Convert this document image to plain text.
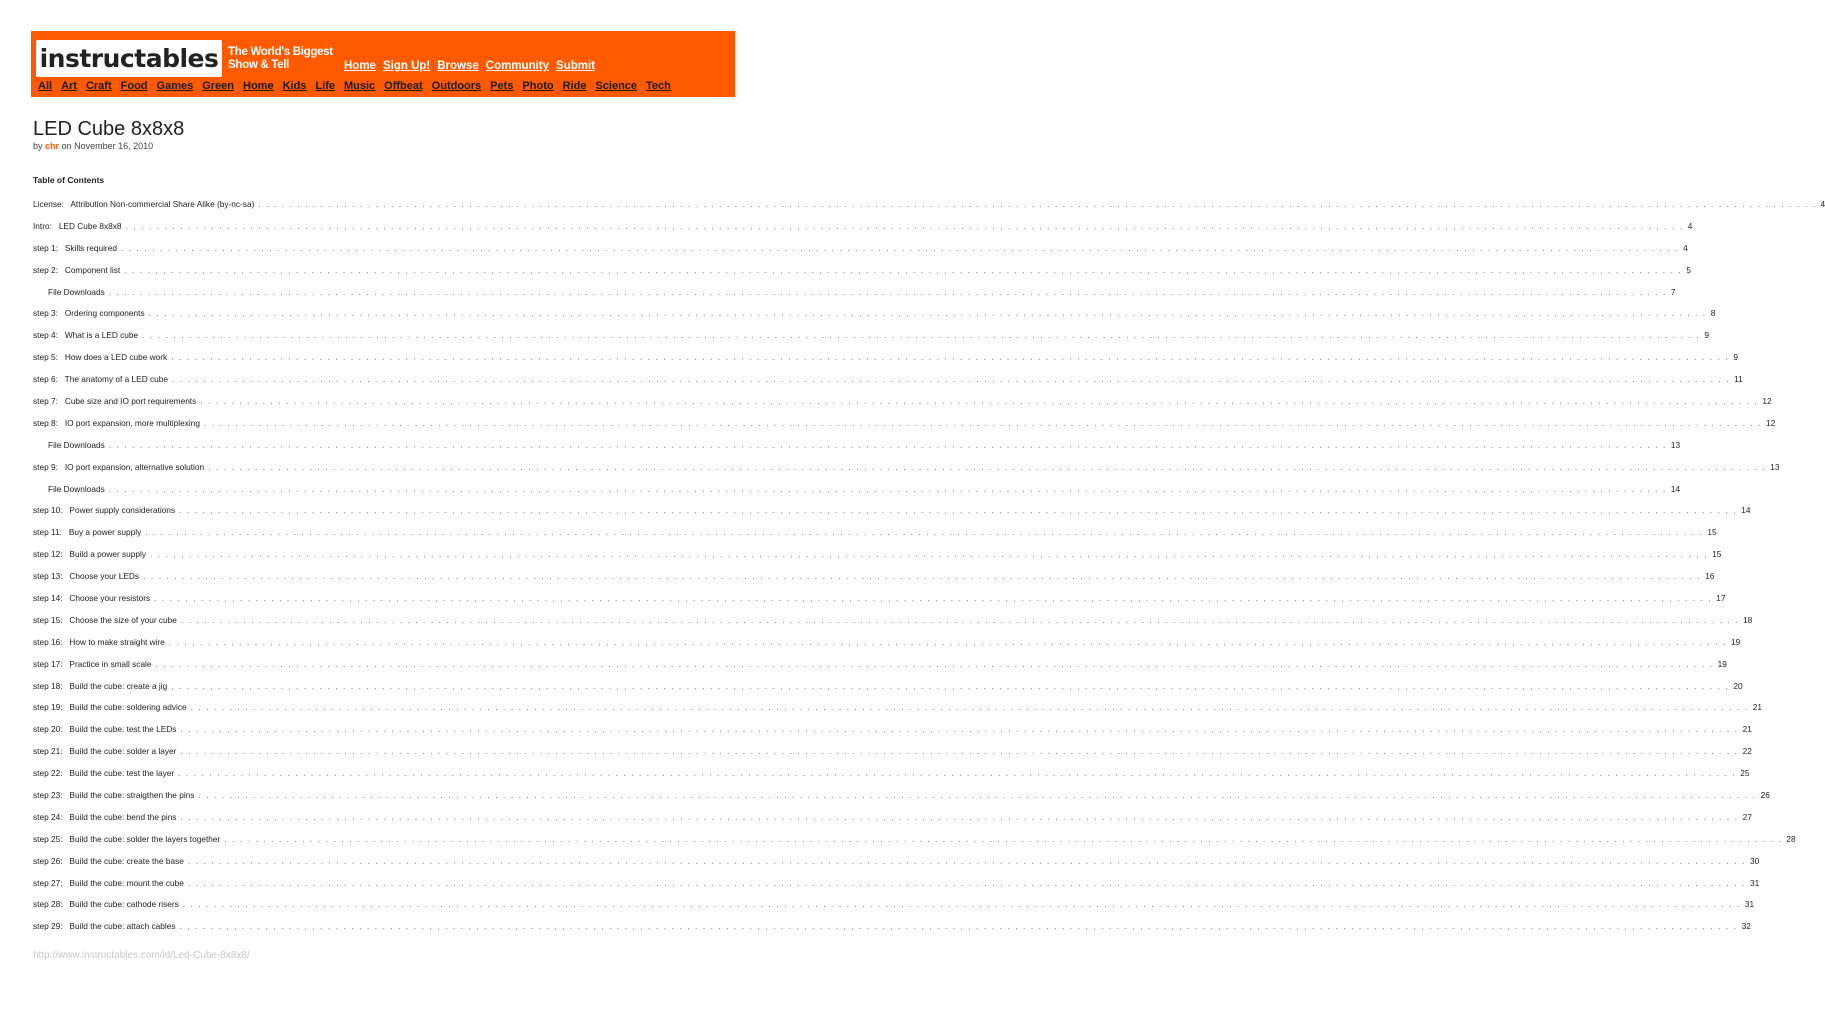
instructables The World's Biggest
Show & Tell	Home Sign Up! Browse Community Submit
All Art Craft Food Games Green Home Kids Life Music Offbeat Outdoors Pets Photo Ride Science Tech
LED Cube 8x8x8
by chr on November 16, 2010
Table of Contents
License:   Attribution Non-commercial Share Alike (by-nc-sa) . . . . . . . . . . . . . . . . . . . . . . . . . . . . . . . . . . . . . . . . . . . . . . . . . . . . . . . . . . . . . . . . . . . . . . . . . . . . . . . . . . . . . . . . . . . . . . . . . . . . . . . . . . . . . . . . . . . . . . . . . . . . . . . . . . . . . . . . . . . . . . . . . . . . . . . . . . . . . . . . . . . . . . . . . . . . . . . . . . . . . . . . . . . . . . . . . . . . . . . . 4
Intro:   LED Cube 8x8x8 . . . . . . . . . . . . . . . . . . . . . . . . . . . . . . . . . . . . . . . . . . . . . . . . . . . . . . . . . . . . . . . . . . . . . . . . . . . . . . . . . . . . . . . . . . . . . . . . . . . . . . . . . . . . . . . . . . . . . . . . . . . . . . . . . . . . . . . . . . . . . . . . . . . . . . . . . . . . . . . . . . . . . . . . . . . . . . . . . . . . . . . . . . . . . . . . . . . . . . . . 4
step 1:   Skills required . . . . . . . . . . . . . . . . . . . . . . . . . . . . . . . . . . . . . . . . . . . . . . . . . . . . . . . . . . . . . . . . . . . . . . . . . . . . . . . . . . . . . . . . . . . . . . . . . . . . . . . . . . . . . . . . . . . . . . . . . . . . . . . . . . . . . . . . . . . . . . . . . . . . . . . . . . . . . . . . . . . . . . . . . . . . . . . . . . . . . . . . . . . . . . . . . . . . . . . . 4
step 2:   Component list . . . . . . . . . . . . . . . . . . . . . . . . . . . . . . . . . . . . . . . . . . . . . . . . . . . . . . . . . . . . . . . . . . . . . . . . . . . . . . . . . . . . . . . . . . . . . . . . . . . . . . . . . . . . . . . . . . . . . . . . . . . . . . . . . . . . . . . . . . . . . . . . . . . . . . . . . . . . . . . . . . . . . . . . . . . . . . . . . . . . . . . . . . . . . . . . . . . . . . . . 5
File Downloads . . . . . . . . . . . . . . . . . . . . . . . . . . . . . . . . . . . . . . . . . . . . . . . . . . . . . . . . . . . . . . . . . . . . . . . . . . . . . . . . . . . . . . . . . . . . . . . . . . . . . . . . . . . . . . . . . . . . . . . . . . . . . . . . . . . . . . . . . . . . . . . . . . . . . . . . . . . . . . . . . . . . . . . . . . . . . . . . . . . . . . . . . . . . . . . . . . . . . . . . 7
step 3:   Ordering components . . . . . . . . . . . . . . . . . . . . . . . . . . . . . . . . . . . . . . . . . . . . . . . . . . . . . . . . . . . . . . . . . . . . . . . . . . . . . . . . . . . . . . . . . . . . . . . . . . . . . . . . . . . . . . . . . . . . . . . . . . . . . . . . . . . . . . . . . . . . . . . . . . . . . . . . . . . . . . . . . . . . . . . . . . . . . . . . . . . . . . . . . . . . . . . . . . . . . . . . 8
step 4:   What is a LED cube . . . . . . . . . . . . . . . . . . . . . . . . . . . . . . . . . . . . . . . . . . . . . . . . . . . . . . . . . . . . . . . . . . . . . . . . . . . . . . . . . . . . . . . . . . . . . . . . . . . . . . . . . . . . . . . . . . . . . . . . . . . . . . . . . . . . . . . . . . . . . . . . . . . . . . . . . . . . . . . . . . . . . . . . . . . . . . . . . . . . . . . . . . . . . . . . . . . . . . . . 9
step 5:   How does a LED cube work . . . . . . . . . . . . . . . . . . . . . . . . . . . . . . . . . . . . . . . . . . . . . . . . . . . . . . . . . . . . . . . . . . . . . . . . . . . . . . . . . . . . . . . . . . . . . . . . . . . . . . . . . . . . . . . . . . . . . . . . . . . . . . . . . . . . . . . . . . . . . . . . . . . . . . . . . . . . . . . . . . . . . . . . . . . . . . . . . . . . . . . . . . . . . . . . . . . . . . . . 9
step 6:   The anatomy of a LED cube . . . . . . . . . . . . . . . . . . . . . . . . . . . . . . . . . . . . . . . . . . . . . . . . . . . . . . . . . . . . . . . . . . . . . . . . . . . . . . . . . . . . . . . . . . . . . . . . . . . . . . . . . . . . . . . . . . . . . . . . . . . . . . . . . . . . . . . . . . . . . . . . . . . . . . . . . . . . . . . . . . . . . . . . . . . . . . . . . . . . . . . . . . . . . . . . . . . . . . . . 11
step 7:   Cube size and IO port requirements . . . . . . . . . . . . . . . . . . . . . . . . . . . . . . . . . . . . . . . . . . . . . . . . . . . . . . . . . . . . . . . . . . . . . . . . . . . . . . . . . . . . . . . . . . . . . . . . . . . . . . . . . . . . . . . . . . . . . . . . . . . . . . . . . . . . . . . . . . . . . . . . . . . . . . . . . . . . . . . . . . . . . . . . . . . . . . . . . . . . . . . . . . . . . . . . . . . . . . . . 12
step 8:   IO port expansion, more multiplexing . . . . . . . . . . . . . . . . . . . . . . . . . . . . . . . . . . . . . . . . . . . . . . . . . . . . . . . . . . . . . . . . . . . . . . . . . . . . . . . . . . . . . . . . . . . . . . . . . . . . . . . . . . . . . . . . . . . . . . . . . . . . . . . . . . . . . . . . . . . . . . . . . . . . . . . . . . . . . . . . . . . . . . . . . . . . . . . . . . . . . . . . . . . . . . . . . . . . . . . . 12
File Downloads . . . . . . . . . . . . . . . . . . . . . . . . . . . . . . . . . . . . . . . . . . . . . . . . . . . . . . . . . . . . . . . . . . . . . . . . . . . . . . . . . . . . . . . . . . . . . . . . . . . . . . . . . . . . . . . . . . . . . . . . . . . . . . . . . . . . . . . . . . . . . . . . . . . . . . . . . . . . . . . . . . . . . . . . . . . . . . . . . . . . . . . . . . . . . . . . . . . . . . . . 13
step 9:   IO port expansion, alternative solution . . . . . . . . . . . . . . . . . . . . . . . . . . . . . . . . . . . . . . . . . . . . . . . . . . . . . . . . . . . . . . . . . . . . . . . . . . . . . . . . . . . . . . . . . . . . . . . . . . . . . . . . . . . . . . . . . . . . . . . . . . . . . . . . . . . . . . . . . . . . . . . . . . . . . . . . . . . . . . . . . . . . . . . . . . . . . . . . . . . . . . . . . . . . . . . . . . . . . . . . 13
File Downloads . . . . . . . . . . . . . . . . . . . . . . . . . . . . . . . . . . . . . . . . . . . . . . . . . . . . . . . . . . . . . . . . . . . . . . . . . . . . . . . . . . . . . . . . . . . . . . . . . . . . . . . . . . . . . . . . . . . . . . . . . . . . . . . . . . . . . . . . . . . . . . . . . . . . . . . . . . . . . . . . . . . . . . . . . . . . . . . . . . . . . . . . . . . . . . . . . . . . . . . . 14
step 10:   Power supply considerations . . . . . . . . . . . . . . . . . . . . . . . . . . . . . . . . . . . . . . . . . . . . . . . . . . . . . . . . . . . . . . . . . . . . . . . . . . . . . . . . . . . . . . . . . . . . . . . . . . . . . . . . . . . . . . . . . . . . . . . . . . . . . . . . . . . . . . . . . . . . . . . . . . . . . . . . . . . . . . . . . . . . . . . . . . . . . . . . . . . . . . . . . . . . . . . . . . . . . . . . 14
step 11:   Buy a power supply . . . . . . . . . . . . . . . . . . . . . . . . . . . . . . . . . . . . . . . . . . . . . . . . . . . . . . . . . . . . . . . . . . . . . . . . . . . . . . . . . . . . . . . . . . . . . . . . . . . . . . . . . . . . . . . . . . . . . . . . . . . . . . . . . . . . . . . . . . . . . . . . . . . . . . . . . . . . . . . . . . . . . . . . . . . . . . . . . . . . . . . . . . . . . . . . . . . . . . . . 15
step 12:   Build a power supply . . . . . . . . . . . . . . . . . . . . . . . . . . . . . . . . . . . . . . . . . . . . . . . . . . . . . . . . . . . . . . . . . . . . . . . . . . . . . . . . . . . . . . . . . . . . . . . . . . . . . . . . . . . . . . . . . . . . . . . . . . . . . . . . . . . . . . . . . . . . . . . . . . . . . . . . . . . . . . . . . . . . . . . . . . . . . . . . . . . . . . . . . . . . . . . . . . . . . . . . 15
step 13:   Choose your LEDs . . . . . . . . . . . . . . . . . . . . . . . . . . . . . . . . . . . . . . . . . . . . . . . . . . . . . . . . . . . . . . . . . . . . . . . . . . . . . . . . . . . . . . . . . . . . . . . . . . . . . . . . . . . . . . . . . . . . . . . . . . . . . . . . . . . . . . . . . . . . . . . . . . . . . . . . . . . . . . . . . . . . . . . . . . . . . . . . . . . . . . . . . . . . . . . . . . . . . . . . 16
step 14:   Choose your resistors . . . . . . . . . . . . . . . . . . . . . . . . . . . . . . . . . . . . . . . . . . . . . . . . . . . . . . . . . . . . . . . . . . . . . . . . . . . . . . . . . . . . . . . . . . . . . . . . . . . . . . . . . . . . . . . . . . . . . . . . . . . . . . . . . . . . . . . . . . . . . . . . . . . . . . . . . . . . . . . . . . . . . . . . . . . . . . . . . . . . . . . . . . . . . . . . . . . . . . . . 17
step 15:   Choose the size of your cube . . . . . . . . . . . . . . . . . . . . . . . . . . . . . . . . . . . . . . . . . . . . . . . . . . . . . . . . . . . . . . . . . . . . . . . . . . . . . . . . . . . . . . . . . . . . . . . . . . . . . . . . . . . . . . . . . . . . . . . . . . . . . . . . . . . . . . . . . . . . . . . . . . . . . . . . . . . . . . . . . . . . . . . . . . . . . . . . . . . . . . . . . . . . . . . . . . . . . . . . 18
step 16:   How to make straight wire . . . . . . . . . . . . . . . . . . . . . . . . . . . . . . . . . . . . . . . . . . . . . . . . . . . . . . . . . . . . . . . . . . . . . . . . . . . . . . . . . . . . . . . . . . . . . . . . . . . . . . . . . . . . . . . . . . . . . . . . . . . . . . . . . . . . . . . . . . . . . . . . . . . . . . . . . . . . . . . . . . . . . . . . . . . . . . . . . . . . . . . . . . . . . . . . . . . . . . . . 19
step 17:   Practice in small scale . . . . . . . . . . . . . . . . . . . . . . . . . . . . . . . . . . . . . . . . . . . . . . . . . . . . . . . . . . . . . . . . . . . . . . . . . . . . . . . . . . . . . . . . . . . . . . . . . . . . . . . . . . . . . . . . . . . . . . . . . . . . . . . . . . . . . . . . . . . . . . . . . . . . . . . . . . . . . . . . . . . . . . . . . . . . . . . . . . . . . . . . . . . . . . . . . . . . . . . . 19
step 18:   Build the cube: create a jig . . . . . . . . . . . . . . . . . . . . . . . . . . . . . . . . . . . . . . . . . . . . . . . . . . . . . . . . . . . . . . . . . . . . . . . . . . . . . . . . . . . . . . . . . . . . . . . . . . . . . . . . . . . . . . . . . . . . . . . . . . . . . . . . . . . . . . . . . . . . . . . . . . . . . . . . . . . . . . . . . . . . . . . . . . . . . . . . . . . . . . . . . . . . . . . . . . . . . . . . 20
step 19:   Build the cube: soldering advice . . . . . . . . . . . . . . . . . . . . . . . . . . . . . . . . . . . . . . . . . . . . . . . . . . . . . . . . . . . . . . . . . . . . . . . . . . . . . . . . . . . . . . . . . . . . . . . . . . . . . . . . . . . . . . . . . . . . . . . . . . . . . . . . . . . . . . . . . . . . . . . . . . . . . . . . . . . . . . . . . . . . . . . . . . . . . . . . . . . . . . . . . . . . . . . . . . . . . . . . 21
step 20:   Build the cube: test the LEDs . . . . . . . . . . . . . . . . . . . . . . . . . . . . . . . . . . . . . . . . . . . . . . . . . . . . . . . . . . . . . . . . . . . . . . . . . . . . . . . . . . . . . . . . . . . . . . . . . . . . . . . . . . . . . . . . . . . . . . . . . . . . . . . . . . . . . . . . . . . . . . . . . . . . . . . . . . . . . . . . . . . . . . . . . . . . . . . . . . . . . . . . . . . . . . . . . . . . . . . . 21
step 21:   Build the cube: solder a layer . . . . . . . . . . . . . . . . . . . . . . . . . . . . . . . . . . . . . . . . . . . . . . . . . . . . . . . . . . . . . . . . . . . . . . . . . . . . . . . . . . . . . . . . . . . . . . . . . . . . . . . . . . . . . . . . . . . . . . . . . . . . . . . . . . . . . . . . . . . . . . . . . . . . . . . . . . . . . . . . . . . . . . . . . . . . . . . . . . . . . . . . . . . . . . . . . . . . . . . . 22
step 22:   Build the cube: test the layer . . . . . . . . . . . . . . . . . . . . . . . . . . . . . . . . . . . . . . . . . . . . . . . . . . . . . . . . . . . . . . . . . . . . . . . . . . . . . . . . . . . . . . . . . . . . . . . . . . . . . . . . . . . . . . . . . . . . . . . . . . . . . . . . . . . . . . . . . . . . . . . . . . . . . . . . . . . . . . . . . . . . . . . . . . . . . . . . . . . . . . . . . . . . . . . . . . . . . . . . 25
step 23:   Build the cube: straigthen the pins . . . . . . . . . . . . . . . . . . . . . . . . . . . . . . . . . . . . . . . . . . . . . . . . . . . . . . . . . . . . . . . . . . . . . . . . . . . . . . . . . . . . . . . . . . . . . . . . . . . . . . . . . . . . . . . . . . . . . . . . . . . . . . . . . . . . . . . . . . . . . . . . . . . . . . . . . . . . . . . . . . . . . . . . . . . . . . . . . . . . . . . . . . . . . . . . . . . . . . . . 26
step 24:   Build the cube: bend the pins . . . . . . . . . . . . . . . . . . . . . . . . . . . . . . . . . . . . . . . . . . . . . . . . . . . . . . . . . . . . . . . . . . . . . . . . . . . . . . . . . . . . . . . . . . . . . . . . . . . . . . . . . . . . . . . . . . . . . . . . . . . . . . . . . . . . . . . . . . . . . . . . . . . . . . . . . . . . . . . . . . . . . . . . . . . . . . . . . . . . . . . . . . . . . . . . . . . . . . . . 27
step 25:   Build the cube: solder the layers together . . . . . . . . . . . . . . . . . . . . . . . . . . . . . . . . . . . . . . . . . . . . . . . . . . . . . . . . . . . . . . . . . . . . . . . . . . . . . . . . . . . . . . . . . . . . . . . . . . . . . . . . . . . . . . . . . . . . . . . . . . . . . . . . . . . . . . . . . . . . . . . . . . . . . . . . . . . . . . . . . . . . . . . . . . . . . . . . . . . . . . . . . . . . . . . . . . . . . . . . 28
step 26:   Build the cube: create the base . . . . . . . . . . . . . . . . . . . . . . . . . . . . . . . . . . . . . . . . . . . . . . . . . . . . . . . . . . . . . . . . . . . . . . . . . . . . . . . . . . . . . . . . . . . . . . . . . . . . . . . . . . . . . . . . . . . . . . . . . . . . . . . . . . . . . . . . . . . . . . . . . . . . . . . . . . . . . . . . . . . . . . . . . . . . . . . . . . . . . . . . . . . . . . . . . . . . . . . . 30
step 27:   Build the cube: mount the cube . . . . . . . . . . . . . . . . . . . . . . . . . . . . . . . . . . . . . . . . . . . . . . . . . . . . . . . . . . . . . . . . . . . . . . . . . . . . . . . . . . . . . . . . . . . . . . . . . . . . . . . . . . . . . . . . . . . . . . . . . . . . . . . . . . . . . . . . . . . . . . . . . . . . . . . . . . . . . . . . . . . . . . . . . . . . . . . . . . . . . . . . . . . . . . . . . . . . . . . . 31
step 28:   Build the cube: cathode risers . . . . . . . . . . . . . . . . . . . . . . . . . . . . . . . . . . . . . . . . . . . . . . . . . . . . . . . . . . . . . . . . . . . . . . . . . . . . . . . . . . . . . . . . . . . . . . . . . . . . . . . . . . . . . . . . . . . . . . . . . . . . . . . . . . . . . . . . . . . . . . . . . . . . . . . . . . . . . . . . . . . . . . . . . . . . . . . . . . . . . . . . . . . . . . . . . . . . . . . . 31
step 29:   Build the cube: attach cables . . . . . . . . . . . . . . . . . . . . . . . . . . . . . . . . . . . . . . . . . . . . . . . . . . . . . . . . . . . . . . . . . . . . . . . . . . . . . . . . . . . . . . . . . . . . . . . . . . . . . . . . . . . . . . . . . . . . . . . . . . . . . . . . . . . . . . . . . . . . . . . . . . . . . . . . . . . . . . . . . . . . . . . . . . . . . . . . . . . . . . . . . . . . . . . . . . . . . . . . 32
http://www.instructables.com/id/Led-Cube-8x8x8/
